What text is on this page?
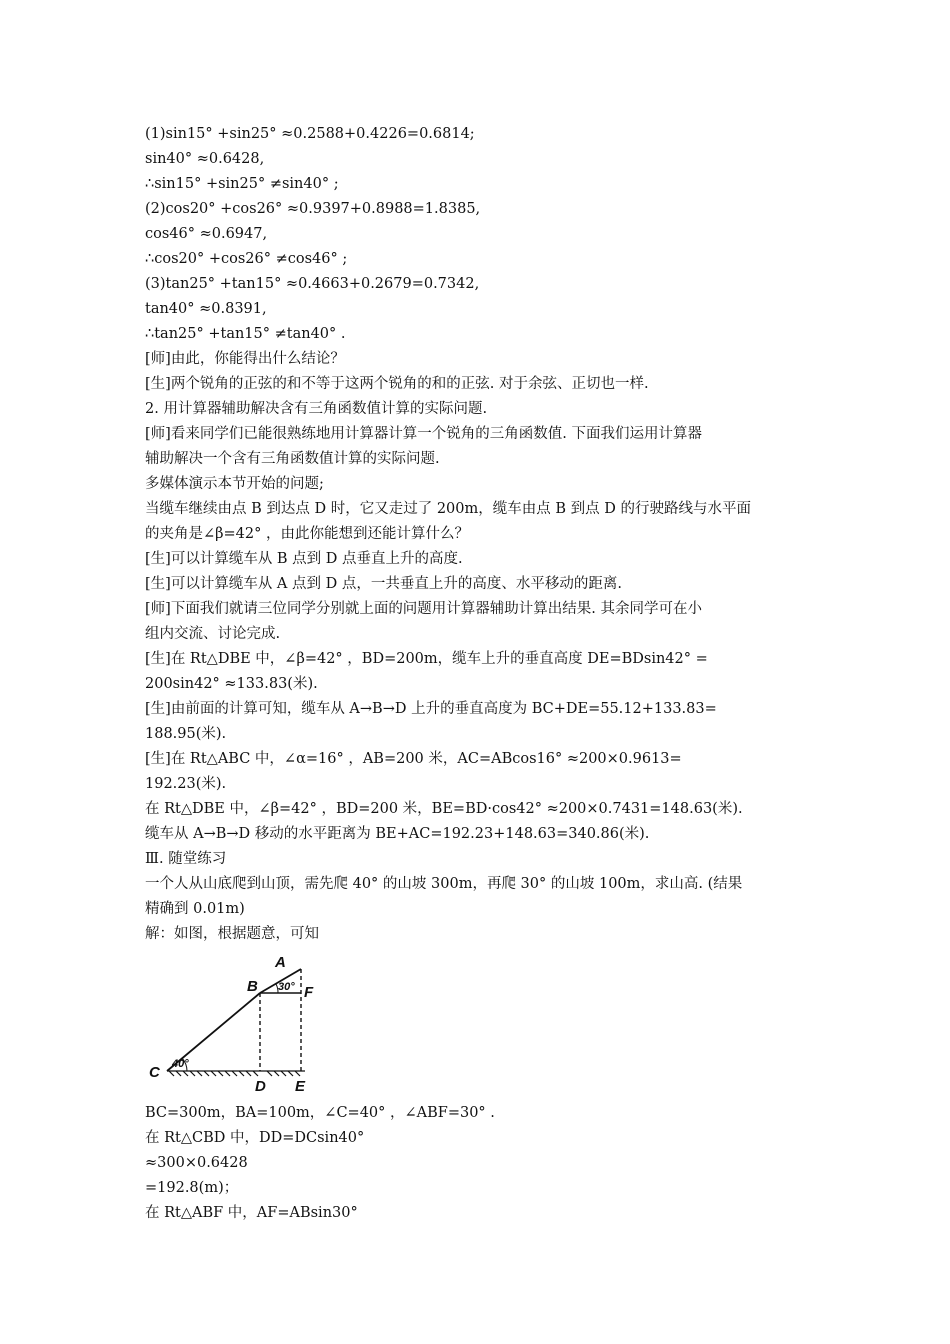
(1)sin15° +sin25° ≈0.2588+0.4226=0.6814;
sin40° ≈0.6428,
∴sin15° +sin25° ≠sin40° ;
(2)cos20° +cos26° ≈0.9397+0.8988=1.8385,
cos46° ≈0.6947,
∴cos20° +cos26° ≠cos46° ;
(3)tan25° +tan15° ≈0.4663+0.2679=0.7342,
tan40° ≈0.8391,
∴tan25° +tan15° ≠tan40° .
[师]由此，你能得出什么结论？
[生]两个锐角的正弦的和不等于这两个锐角的和的正弦. 对于余弦、正切也一样.
2. 用计算器辅助解决含有三角函数值计算的实际问题.
[师]看来同学们已能很熟练地用计算器计算一个锐角的三角函数值. 下面我们运用计算器
辅助解决一个含有三角函数值计算的实际问题.
多媒体演示本节开始的问题;
当缆车继续由点 B 到达点 D 时，它又走过了 200m，缆车由点 B 到点 D 的行驶路线与水平面
的夹角是∠β=42° ，由此你能想到还能计算什么？
[生]可以计算缆车从 B 点到 D 点垂直上升的高度.
[生]可以计算缆车从 A 点到 D 点，一共垂直上升的高度、水平移动的距离.
[师]下面我们就请三位同学分别就上面的问题用计算器辅助计算出结果. 其余同学可在小
组内交流、讨论完成.
[生]在 Rt△DBE 中，∠β=42° ，BD=200m，缆车上升的垂直高度 DE=BDsin42° =
200sin42° ≈133.83(米).
[生]由前面的计算可知，缆车从 A→B→D 上升的垂直高度为 BC+DE=55.12+133.83=
188.95(米).
[生]在 Rt△ABC 中，∠α=16° ，AB=200 米，AC=ABcos16° ≈200×0.9613=
192.23(米).
在 Rt△DBE 中，∠β=42° ，BD=200 米，BE=BD·cos42° ≈200×0.7431=148.63(米).
缆车从 A→B→D 移动的水平距离为 BE+AC=192.23+148.63=340.86(米).
Ⅲ. 随堂练习
一个人从山底爬到山顶，需先爬 40° 的山坡 300m，再爬 30° 的山坡 100m，求山高. (结果
精确到 0.01m)
解：如图，根据题意，可知
A
B
C
D E
F
40°
30°
BC=300m，BA=100m，∠C=40° ，∠ABF=30° .
在 Rt△CBD 中，DD=DCsin40°
≈300×0.6428
=192.8(m)；
在 Rt△ABF 中，AF=ABsin30°
